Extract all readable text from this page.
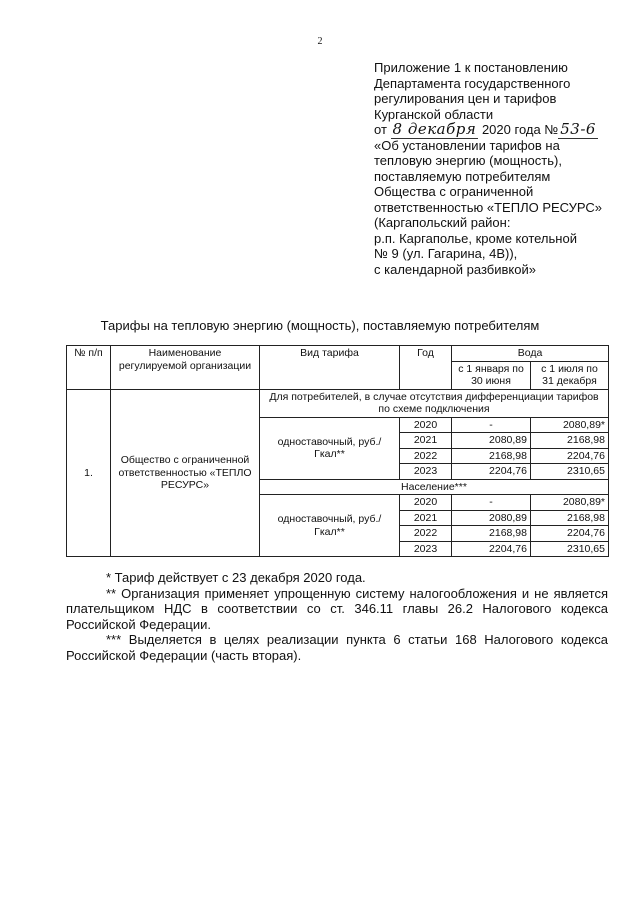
2
Приложение 1 к постановлению
Департамента государственного
регулирования цен и тарифов
Курганской области
от 8 декабря 2020 года № 53-6
«Об установлении тарифов на
тепловую энергию (мощность),
поставляемую потребителям
Общества с ограниченной
ответственностью «ТЕПЛО РЕСУРС»
(Каргапольский район:
р.п. Каргаполье, кроме котельной
№ 9 (ул. Гагарина, 4В)),
с календарной разбивкой»
Тарифы на тепловую энергию (мощность), поставляемую потребителям
№ п/п	Наименование регулируемой организации	Вид тарифа	Год	Вода	
				с 1 января по 30 июня	с 1 июля по 31 декабря
1.	Общество с ограниченной ответственностью «ТЕПЛО РЕСУРС»	Для потребителей, в случае отсутствия дифференциации тарифов по схеме подключения			
		одноставочный, руб./Гкал**	2020	-	2080,89*
			2021	2080,89	2168,98
			2022	2168,98	2204,76
			2023	2204,76	2310,65
		Население***			
		одноставочный, руб./Гкал**	2020	-	2080,89*
			2021	2080,89	2168,98
			2022	2168,98	2204,76
			2023	2204,76	2310,65

* Тариф действует с 23 декабря 2020 года.

** Организация применяет упрощенную систему налогообложения и не является плательщиком НДС в соответствии со ст. 346.11 главы 26.2 Налогового кодекса Российской Федерации.

*** Выделяется в целях реализации пункта 6 статьи 168 Налогового кодекса Российской Федерации (часть вторая).
